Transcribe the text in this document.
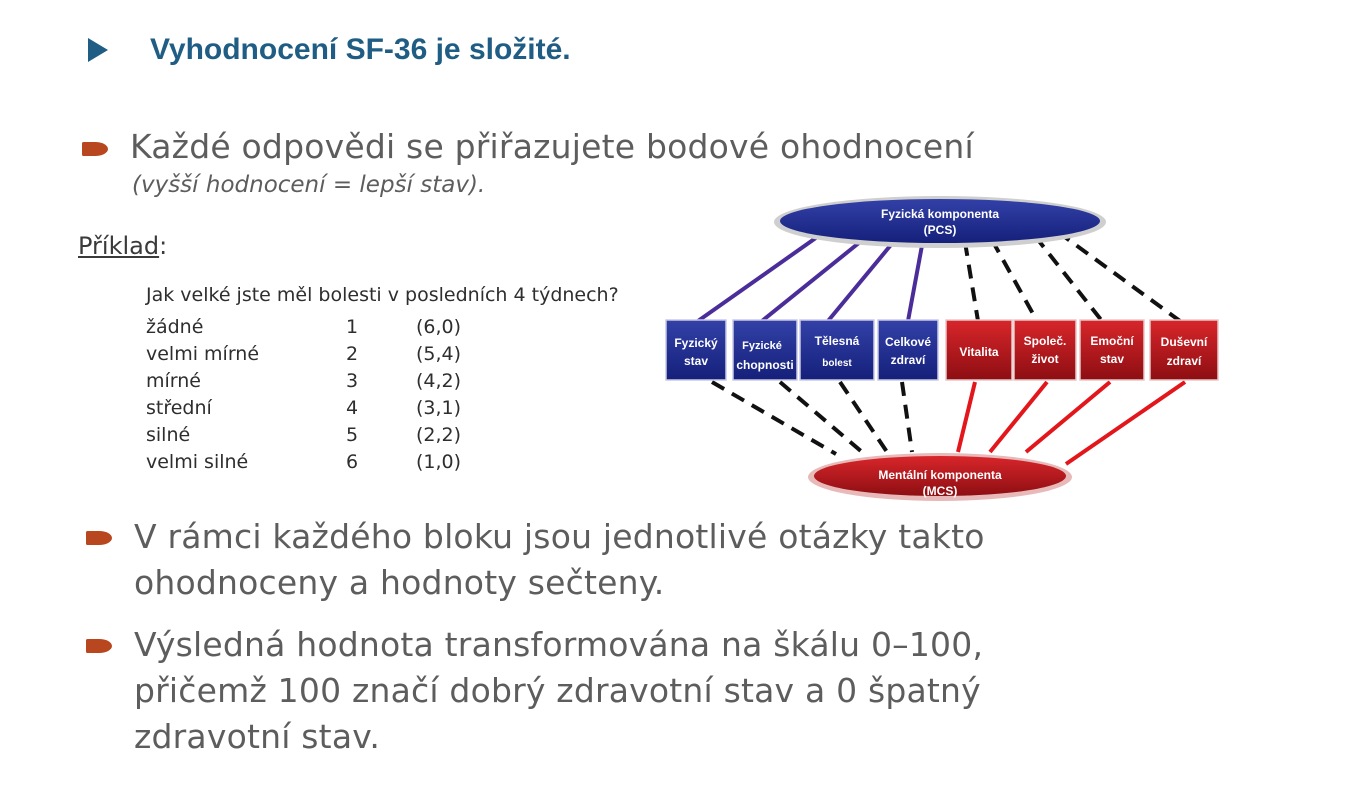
Vyhodnocení SF-36 je složité.
Každé odpovědi se přiřazujete bodové ohodnocení
(vyšší hodnocení = lepší stav).
Příklad:
Jak velké jste měl bolesti v posledních 4 týdnech?
žádné	1	(6,0)
velmi mírné	2	(5,4)
mírné	3	(4,2)
střední	4	(3,1)
silné	5	(2,2)
velmi silné	6	(1,0)
Fyzická komponenta
(PCS)
Mentální komponenta
(MCS)
Fyzický
stav
Fyzické
chopnosti
Tělesná
bolest
Celkové
zdraví
Vitalita
Společ.
život
Emoční
stav
Duševní
zdraví
V rámci každého bloku jsou jednotlivé otázky takto
ohodnoceny a hodnoty sečteny.
Výsledná hodnota transformována na škálu 0–100,
přičemž 100 značí dobrý zdravotní stav a 0 špatný
zdravotní stav.
